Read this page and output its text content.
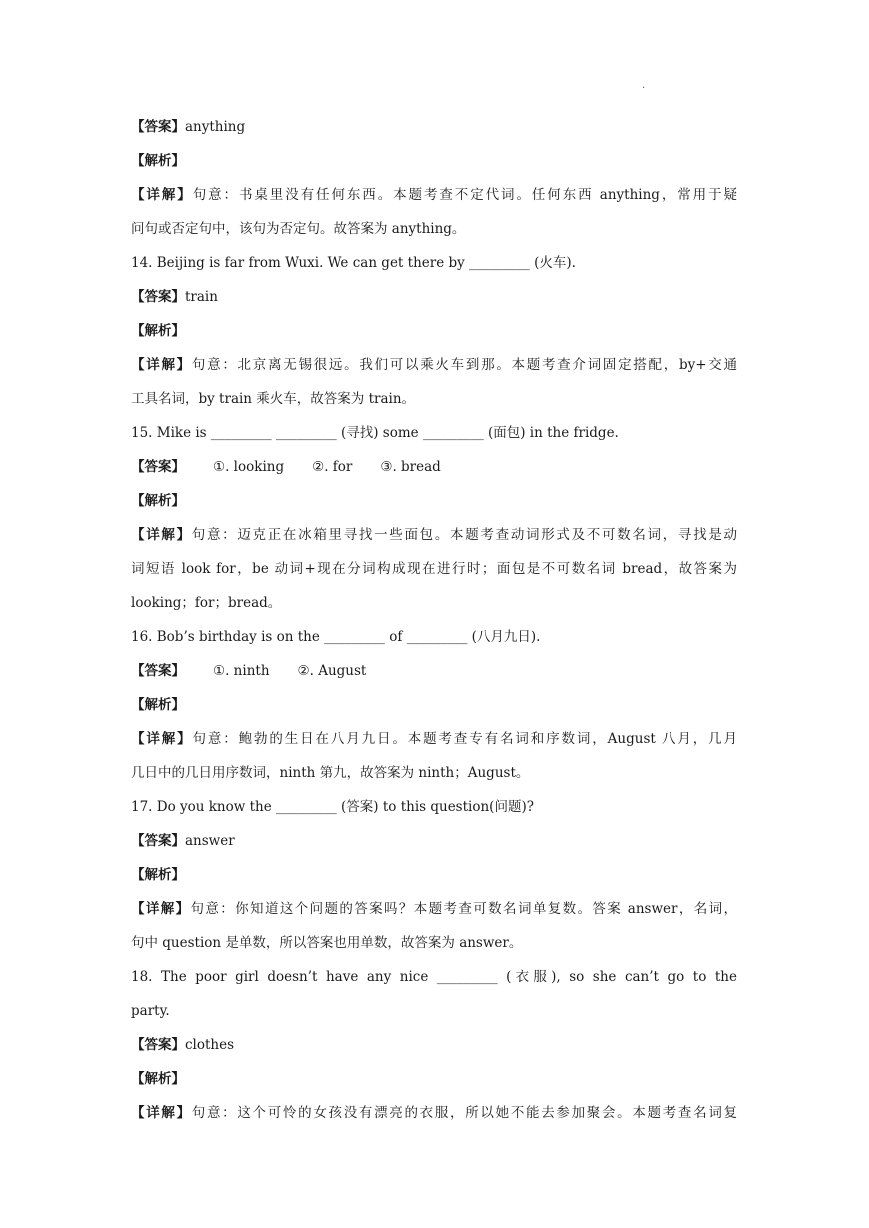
.
【答案】anything
【解析】
【详解】句意：书桌里没有任何东西。本题考查不定代词。任何东西 anything，常用于疑
问句或否定句中，该句为否定句。故答案为 anything。
14. Beijing is far from Wuxi. We can get there by _________ (火车).
【答案】train
【解析】
【详解】句意：北京离无锡很远。我们可以乘火车到那。本题考查介词固定搭配，by+交通
工具名词，by train 乘火车，故答案为 train。
15. Mike is _________ _________ (寻找) some _________ (面包) in the fridge.
【答案】 ①. looking ②. for ③. bread
【解析】
【详解】句意：迈克正在冰箱里寻找一些面包。本题考查动词形式及不可数名词，寻找是动
词短语 look for，be 动词+现在分词构成现在进行时；面包是不可数名词 bread，故答案为
looking；for；bread。
16. Bob’s birthday is on the _________ of _________ (八月九日).
【答案】 ①. ninth ②. August
【解析】
【详解】句意：鲍勃的生日在八月九日。本题考查专有名词和序数词，August 八月，几月
几日中的几日用序数词，ninth 第九，故答案为 ninth；August。
17. Do you know the _________ (答案) to this question(问题)?
【答案】answer
【解析】
【详解】句意：你知道这个问题的答案吗？本题考查可数名词单复数。答案 answer，名词，
句中 question 是单数，所以答案也用单数，故答案为 answer。
18. The poor girl doesn’t have any nice _________ (衣服), so she can’t go to the
party.
【答案】clothes
【解析】
【详解】句意：这个可怜的女孩没有漂亮的衣服，所以她不能去参加聚会。本题考查名词复
